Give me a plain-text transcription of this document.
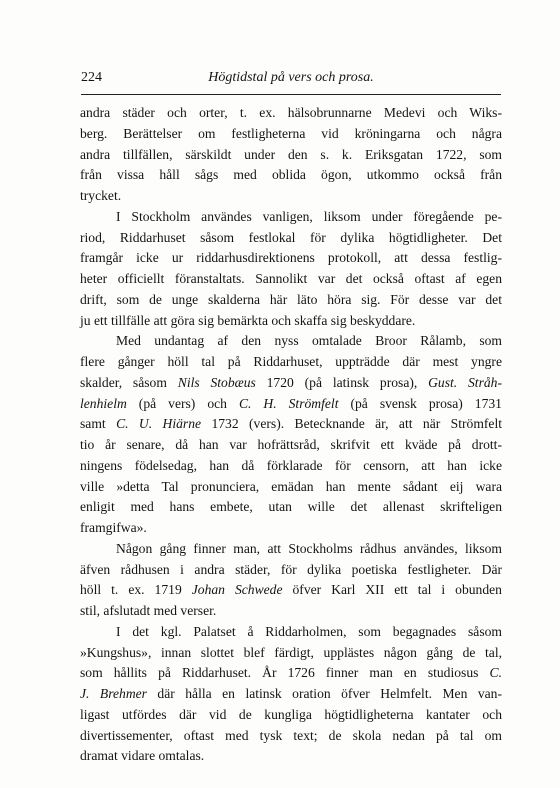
224	Högtidstal på vers och prosa.
andra städer och orter, t. ex. hälsobrunnarne Medevi och Wiks-
berg. Berättelser om festligheterna vid kröningarna och några
andra tillfällen, särskildt under den s. k. Eriksgatan 1722, som
från vissa håll sågs med oblida ögon, utkommo också från
trycket.
I Stockholm användes vanligen, liksom under föregående pe-
riod, Riddarhuset såsom festlokal för dylika högtidligheter. Det
framgår icke ur riddarhusdirektionens protokoll, att dessa festlig-
heter officiellt föranstaltats. Sannolikt var det också oftast af egen
drift, som de unge skalderna här läto höra sig. För desse var det
ju ett tillfälle att göra sig bemärkta och skaffa sig beskyddare.
Med undantag af den nyss omtalade Broor Rålamb, som
flere gånger höll tal på Riddarhuset, uppträdde där mest yngre
skalder, såsom Nils Stobæus 1720 (på latinsk prosa), Gust. Stråh-
lenhielm (på vers) och C. H. Strömfelt (på svensk prosa) 1731
samt C. U. Hiärne 1732 (vers). Betecknande är, att när Strömfelt
tio år senare, då han var hofrättsråd, skrifvit ett kväde på drott-
ningens födelsedag, han då förklarade för censorn, att han icke
ville »detta Tal pronunciera, emädan han mente sådant eij wara
enligit med hans embete, utan wille det allenast skrifteligen
framgifwa».
Någon gång finner man, att Stockholms rådhus användes, liksom
äfven rådhusen i andra städer, för dylika poetiska festligheter. Där
höll t. ex. 1719 Johan Schwede öfver Karl XII ett tal i obunden
stil, afslutadt med verser.
I det kgl. Palatset å Riddarholmen, som begagnades såsom
»Kungshus», innan slottet blef färdigt, upplästes någon gång de tal,
som hållits på Riddarhuset. År 1726 finner man en studiosus C.
J. Brehmer där hålla en latinsk oration öfver Helmfelt. Men van-
ligast utfördes där vid de kungliga högtidligheterna kantater och
divertissementer, oftast med tysk text; de skola nedan på tal om
dramat vidare omtalas.
